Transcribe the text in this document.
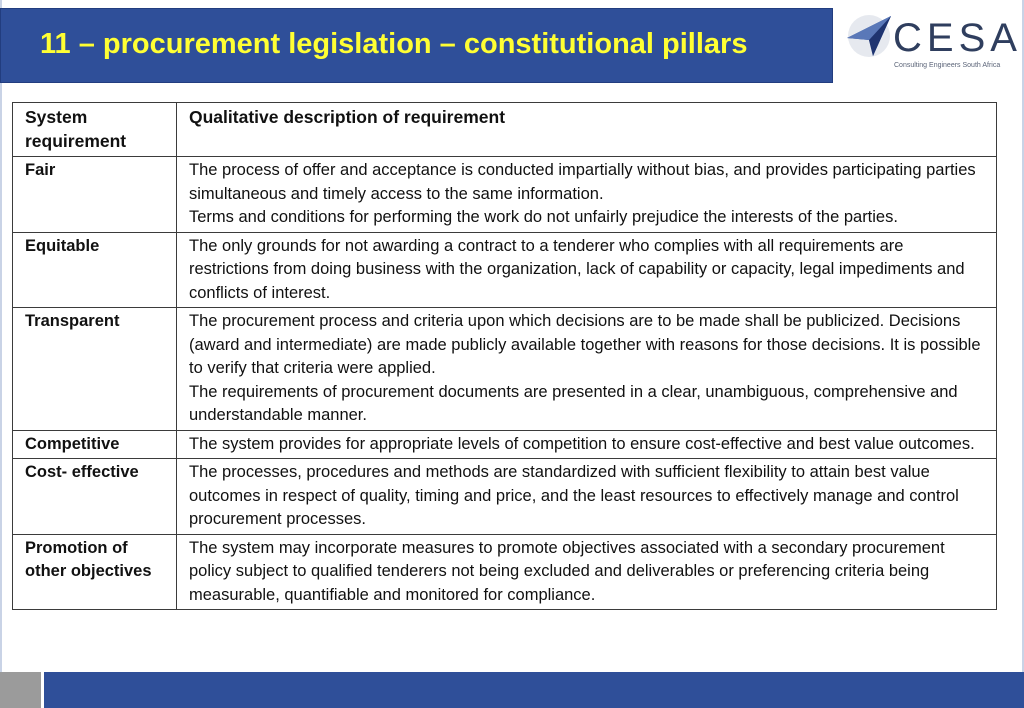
11 – procurement legislation – constitutional pillars	CESA
Consulting Engineers South Africa
System requirement	Qualitative description of requirement
Fair	The process of offer and acceptance is conducted impartially without bias, and provides participating parties simultaneous and timely access to the same information.

Terms and conditions for performing the work do not unfairly prejudice the interests of the parties.

Equitable	The only grounds for not awarding a contract to a tenderer who complies with all requirements are restrictions from doing business with the organization, lack of capability or capacity, legal impediments and conflicts of interest.

Transparent	The procurement process and criteria upon which decisions are to be made shall be publicized. Decisions (award and intermediate) are made publicly available together with reasons for those decisions. It is possible to verify that criteria were applied.

The requirements of procurement documents are presented in a clear, unambiguous, comprehensive and understandable manner.

Competitive	The system provides for appropriate levels of competition to ensure cost-effective and best value outcomes.

Cost- effective	The processes, procedures and methods are standardized with sufficient flexibility to attain best value outcomes in respect of quality, timing and price, and the least resources to effectively manage and control procurement processes.

Promotion of other objectives	The system may incorporate measures to promote objectives associated with a secondary procurement policy subject to qualified tenderers not being excluded and deliverables or preferencing criteria being measurable, quantifiable and monitored for compliance.
